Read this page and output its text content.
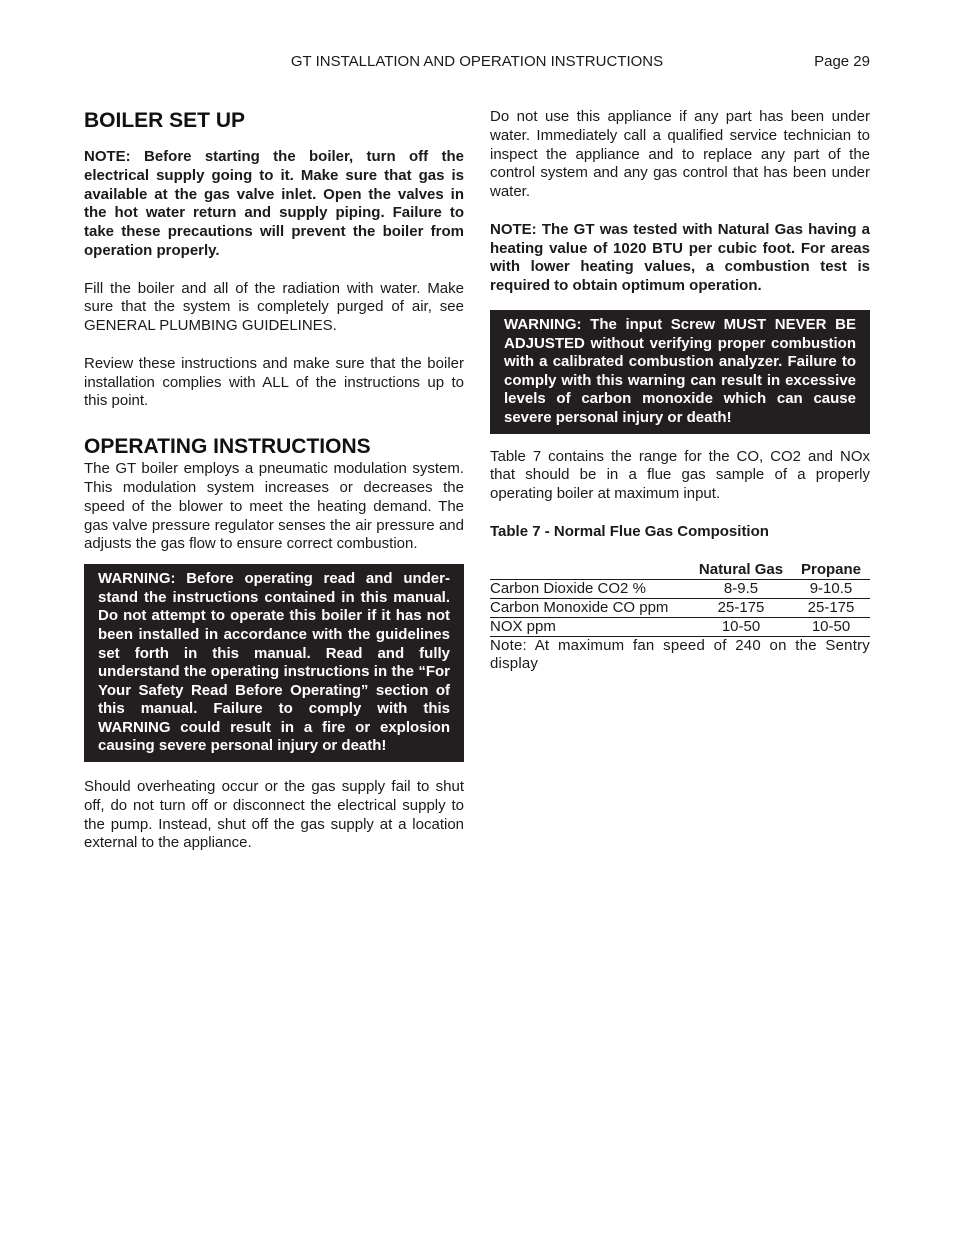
GT INSTALLATION AND OPERATION INSTRUCTIONS	Page 29
BOILER SET UP

NOTE: Before starting the boiler, turn off the electrical supply going to it. Make sure that gas is available at the gas valve inlet. Open the valves in the hot water return and supply piping. Failure to take these precautions will prevent the boiler from operation properly.

Fill the boiler and all of the radiation with water. Make sure that the system is completely purged of air, see GENERAL PLUMBING GUIDELINES.

Review these instructions and make sure that the boiler installation complies with ALL of the instructions up to this point.

OPERATING INSTRUCTIONS

The GT boiler employs a pneumatic modulation system. This modulation system increases or decreases the speed of the blower to meet the heating demand. The gas valve pressure regulator senses the air pressure and adjusts the gas flow to ensure correct combustion.

WARNING: Before operating read and under-stand the instructions contained in this manual. Do not attempt to operate this boiler if it has not been installed in accordance with the guidelines set forth in this manual. Read and fully understand the operating instructions in the “For Your Safety Read Before Operating” section of this manual. Failure to comply with this WARNING could result in a fire or explosion causing severe personal injury or death!

Should overheating occur or the gas supply fail to shut off, do not turn off or disconnect the electrical supply to the pump. Instead, shut off the gas supply at a location external to the appliance.

Do not use this appliance if any part has been under water. Immediately call a qualified service technician to inspect the appliance and to replace any part of the control system and any gas control that has been under water.

NOTE: The GT was tested with Natural Gas having a heating value of 1020 BTU per cubic foot. For areas with lower heating values, a combustion test is required to obtain optimum operation.

WARNING: The input Screw MUST NEVER BE ADJUSTED without verifying proper combustion with a calibrated combustion analyzer. Failure to comply with this warning can result in excessive levels of carbon monoxide which can cause severe personal injury or death!

Table 7 contains the range for the CO, CO2 and NOx that should be in a flue gas sample of a properly operating boiler at maximum input.

Table 7 - Normal Flue Gas Composition
	Natural Gas	Propane
Carbon Dioxide CO2 %	8-9.5	9-10.5
Carbon Monoxide CO ppm	25-175	25-175
NOX ppm	10-50	10-50
Note: At maximum fan speed of 240 on the Sentry display
